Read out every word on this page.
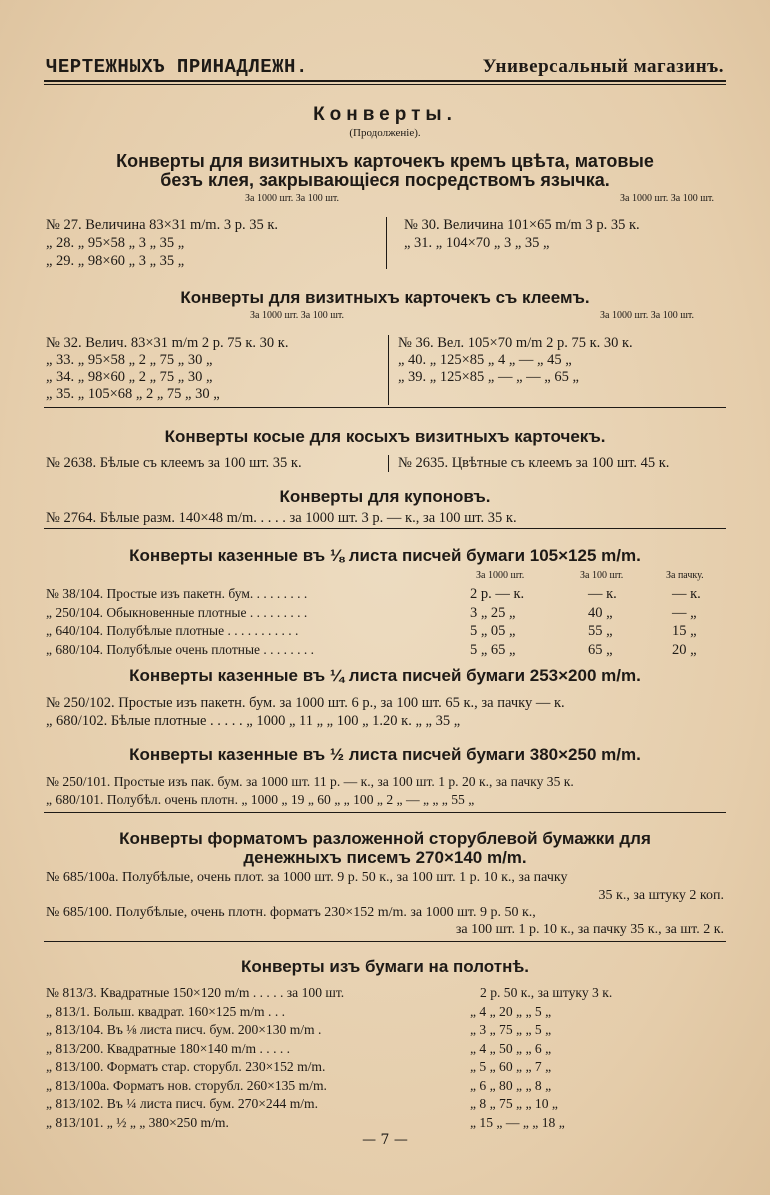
ЧЕРТЕЖНЫХЪ ПРИНАДЛЕЖН.	Универсальный магазинъ.
Конверты.
(Продолженіе).
Конверты для визитныхъ карточекъ кремъ цвѣта, матовые
безъ клея, закрывающіеся посредствомъ язычка.
За 1000 шт. За 100 шт.	За 1000 шт. За 100 шт.
№ 27. Величина 83×31 m/m. 3 р. 35 к.
„ 28. „ 95×58 „ 3 „ 35 „
„ 29. „ 98×60 „ 3 „ 35 „
№ 30. Величина 101×65 m/m 3 р. 35 к.
„ 31. „ 104×70 „ 3 „ 35 „
Конверты для визитныхъ карточекъ съ клеемъ.
За 1000 шт. За 100 шт.	За 1000 шт. За 100 шт.
№ 32. Велич. 83×31 m/m 2 р. 75 к. 30 к.
„ 33. „ 95×58 „ 2 „ 75 „ 30 „
„ 34. „ 98×60 „ 2 „ 75 „ 30 „
„ 35. „ 105×68 „ 2 „ 75 „ 30 „
№ 36. Вел. 105×70 m/m 2 р. 75 к. 30 к.
„ 40. „ 125×85 „ 4 „ — „ 45 „
„ 39. „ 125×85 „ — „ — „ 65 „
Конверты косые для косыхъ визитныхъ карточекъ.
№ 2638. Бѣлые съ клеемъ за 100 шт. 35 к.	№ 2635. Цвѣтные съ клеемъ за 100 шт. 45 к.
Конверты для купоновъ.
№ 2764. Бѣлые разм. 140×48 m/m. . . . . за 1000 шт. 3 р. — к., за 100 шт. 35 к.
Конверты казенные въ ⅛ листа писчей бумаги 105×125 m/m.
За 1000 шт.	За 100 шт.	За пачку.
№ 38/104. Простые изъ пакетн. бум. . . . . . . . .	2 р. — к.	— к.	— к.
„ 250/104. Обыкновенные плотные . . . . . . . . .	3 „ 25 „	40 „	— „
„ 640/104. Полубѣлые плотные . . . . . . . . . . .	5 „ 05 „	55 „	15 „
„ 680/104. Полубѣлые очень плотные . . . . . . . .	5 „ 65 „	65 „	20 „
Конверты казенные въ ¼ листа писчей бумаги 253×200 m/m.
№ 250/102. Простые изъ пакетн. бум. за 1000 шт. 6 р., за 100 шт. 65 к., за пачку — к.
„ 680/102. Бѣлые плотные . . . . . „ 1000 „ 11 „ „ 100 „ 1.20 к. „ „ 35 „
Конверты казенные въ ½ листа писчей бумаги 380×250 m/m.
№ 250/101. Простые изъ пак. бум. за 1000 шт. 11 р. — к., за 100 шт. 1 р. 20 к., за пачку 35 к.
„ 680/101. Полубѣл. очень плотн. „ 1000 „ 19 „ 60 „ „ 100 „ 2 „ — „ „ „ 55 „
Конверты форматомъ разложенной сторублевой бумажки для
денежныхъ писемъ 270×140 m/m.
№ 685/100а. Полубѣлые, очень плот. за 1000 шт. 9 р. 50 к., за 100 шт. 1 р. 10 к., за пачку
35 к., за штуку 2 коп.
№ 685/100. Полубѣлые, очень плотн. форматъ 230×152 m/m. за 1000 шт. 9 р. 50 к.,
за 100 шт. 1 р. 10 к., за пачку 35 к., за шт. 2 к.
Конверты изъ бумаги на полотнѣ.
№ 813/3. Квадратные 150×120 m/m . . . . . за 100 шт.	2 р. 50 к., за штуку 3 к.
„ 813/1. Больш. квадрат. 160×125 m/m . . .	„ 4 „ 20 „ „ 5 „
„ 813/104. Въ ⅛ листа писч. бум. 200×130 m/m .	„ 3 „ 75 „ „ 5 „
„ 813/200. Квадратные 180×140 m/m . . . . .	„ 4 „ 50 „ „ 6 „
„ 813/100. Форматъ стар. сторубл. 230×152 m/m.	„ 5 „ 60 „ „ 7 „
„ 813/100а. Форматъ нов. сторубл. 260×135 m/m.	„ 6 „ 80 „ „ 8 „
„ 813/102. Въ ¼ листа писч. бум. 270×244 m/m.	„ 8 „ 75 „ „ 10 „
„ 813/101. „ ½ „ „ 380×250 m/m.	„ 15 „ — „ „ 18 „
— 7 —
